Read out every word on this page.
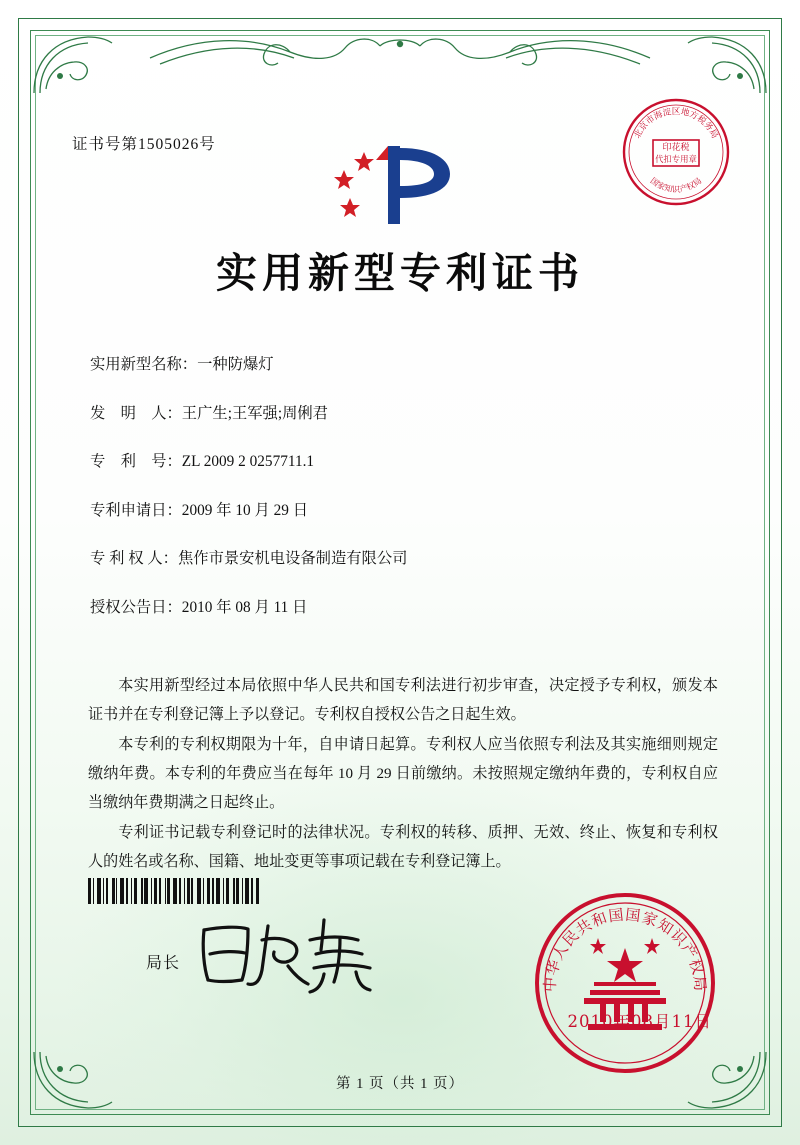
证书号第1505026号	印花税
代扣专用章
北京市海淀区地方税务局
国家知识产权局
实用新型专利证书
实用新型名称： 一种防爆灯
发　明　人： 王广生;王军强;周俐君
专　利　号： ZL 2009 2 0257711.1
专利申请日： 2009 年 10 月 29 日
专 利 权 人： 焦作市景安机电设备制造有限公司
授权公告日： 2010 年 08 月 11 日

本实用新型经过本局依照中华人民共和国专利法进行初步审查，决定授予专利权，颁发本证书并在专利登记簿上予以登记。专利权自授权公告之日起生效。

本专利的专利权期限为十年，自申请日起算。专利权人应当依照专利法及其实施细则规定缴纳年费。本专利的年费应当在每年 10 月 29 日前缴纳。未按照规定缴纳年费的，专利权自应当缴纳年费期满之日起终止。

专利证书记载专利登记时的法律状况。专利权的转移、质押、无效、终止、恢复和专利权人的姓名或名称、国籍、地址变更等事项记载在专利登记簿上。

局长
中华人民共和国国家知识产权局
2010年08月11日
第 1 页（共 1 页）
